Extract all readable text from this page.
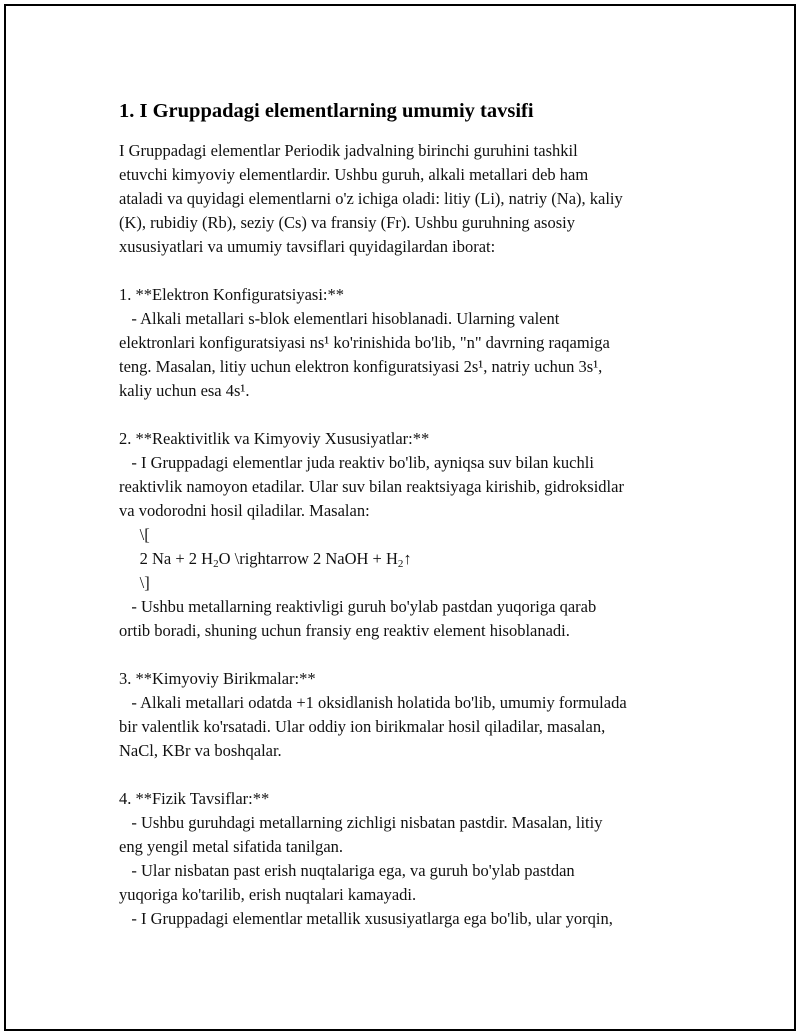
1. I Gruppadagi elementlarning umumiy tavsifi
I Gruppadagi elementlar Periodik jadvalning birinchi guruhini tashkil
etuvchi kimyoviy elementlardir. Ushbu guruh, alkali metallari deb ham
ataladi va quyidagi elementlarni o'z ichiga oladi: litiy (Li), natriy (Na), kaliy
(K), rubidiy (Rb), seziy (Cs) va fransiy (Fr). Ushbu guruhning asosiy
xususiyatlari va umumiy tavsiflari quyidagilardan iborat:
1. **Elektron Konfiguratsiyasi:**
- Alkali metallari s-blok elementlari hisoblanadi. Ularning valent
elektronlari konfiguratsiyasi ns¹ ko'rinishida bo'lib, "n" davrning raqamiga
teng. Masalan, litiy uchun elektron konfiguratsiyasi 2s¹, natriy uchun 3s¹,
kaliy uchun esa 4s¹.
2. **Reaktivitlik va Kimyoviy Xususiyatlar:**
- I Gruppadagi elementlar juda reaktiv bo'lib, ayniqsa suv bilan kuchli
reaktivlik namoyon etadilar. Ular suv bilan reaktsiyaga kirishib, gidroksidlar
va vodorodni hosil qiladilar. Masalan:
\[
2 Na + 2 $H_2O$ \rightarrow 2 NaOH + $H_2↑$
\]
- Ushbu metallarning reaktivligi guruh bo'ylab pastdan yuqoriga qarab
ortib boradi, shuning uchun fransiy eng reaktiv element hisoblanadi.
3. **Kimyoviy Birikmalar:**
- Alkali metallari odatda +1 oksidlanish holatida bo'lib, umumiy formulada
bir valentlik ko'rsatadi. Ular oddiy ion birikmalar hosil qiladilar, masalan,
NaCl, KBr va boshqalar.
4. **Fizik Tavsiflar:**
- Ushbu guruhdagi metallarning zichligi nisbatan pastdir. Masalan, litiy
eng yengil metal sifatida tanilgan.
- Ular nisbatan past erish nuqtalariga ega, va guruh bo'ylab pastdan
yuqoriga ko'tarilib, erish nuqtalari kamayadi.
- I Gruppadagi elementlar metallik xususiyatlarga ega bo'lib, ular yorqin,
